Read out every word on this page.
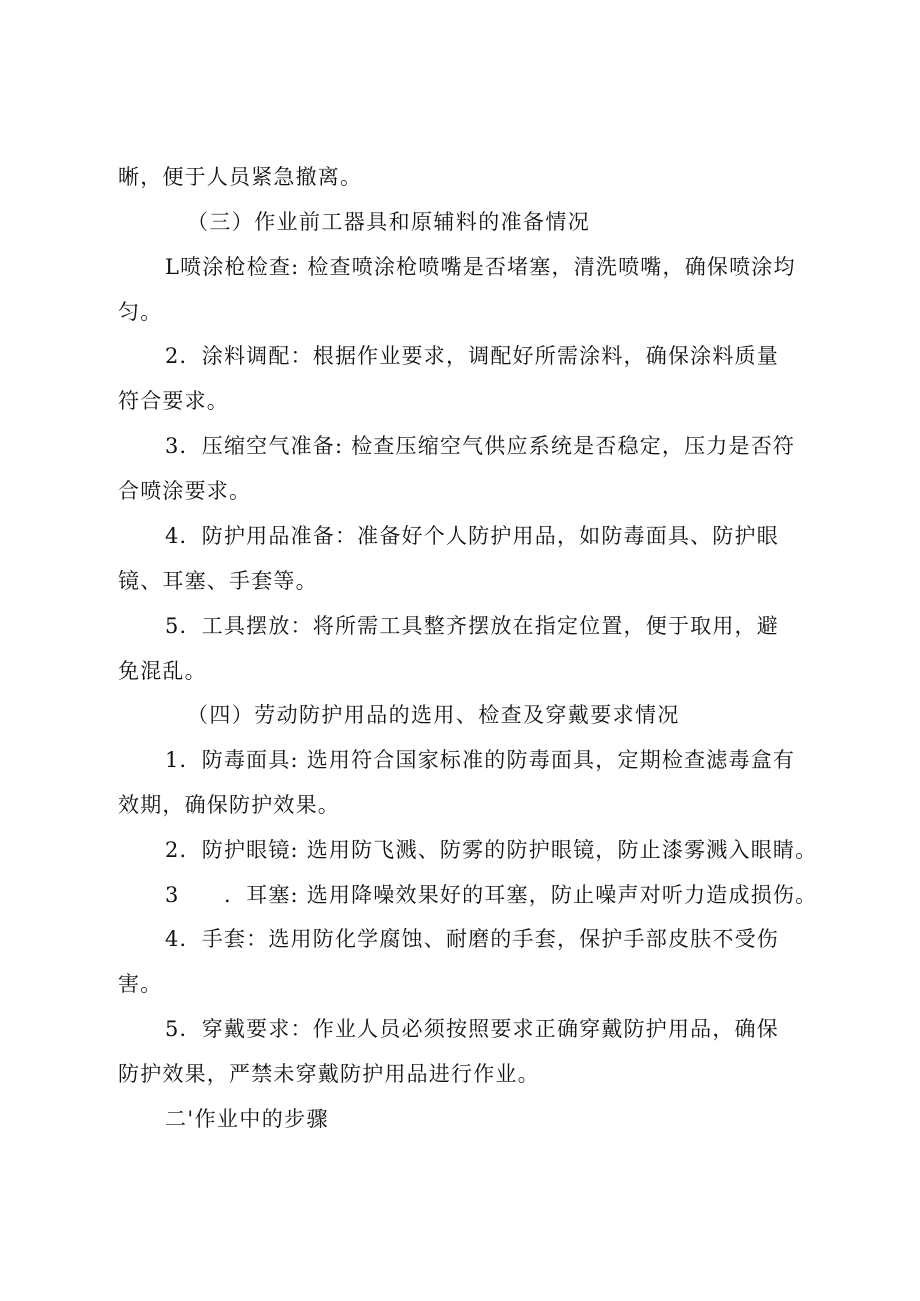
晰，便于人员紧急撤离。
（三）作业前工器具和原辅料的准备情况
L喷涂枪检查: 检查喷涂枪喷嘴是否堵塞，清洗喷嘴，确保喷涂均
匀。
2．涂料调配：根据作业要求，调配好所需涂料，确保涂料质量
符合要求。
3．压缩空气准备: 检查压缩空气供应系统是否稳定，压力是否符
合喷涂要求。
4．防护用品准备：准备好个人防护用品，如防毒面具、防护眼
镜、耳塞、手套等。
5．工具摆放：将所需工具整齐摆放在指定位置，便于取用，避
免混乱。
（四）劳动防护用品的选用、检查及穿戴要求情况
1．防毒面具: 选用符合国家标准的防毒面具，定期检查滤毒盒有
效期，确保防护效果。
2．防护眼镜: 选用防飞溅、防雾的防护眼镜，防止漆雾溅入眼睛。
3　　．耳塞: 选用降噪效果好的耳塞，防止噪声对听力造成损伤。
4．手套：选用防化学腐蚀、耐磨的手套，保护手部皮肤不受伤
害。
5．穿戴要求：作业人员必须按照要求正确穿戴防护用品，确保
防护效果，严禁未穿戴防护用品进行作业。
二'作业中的步骤
